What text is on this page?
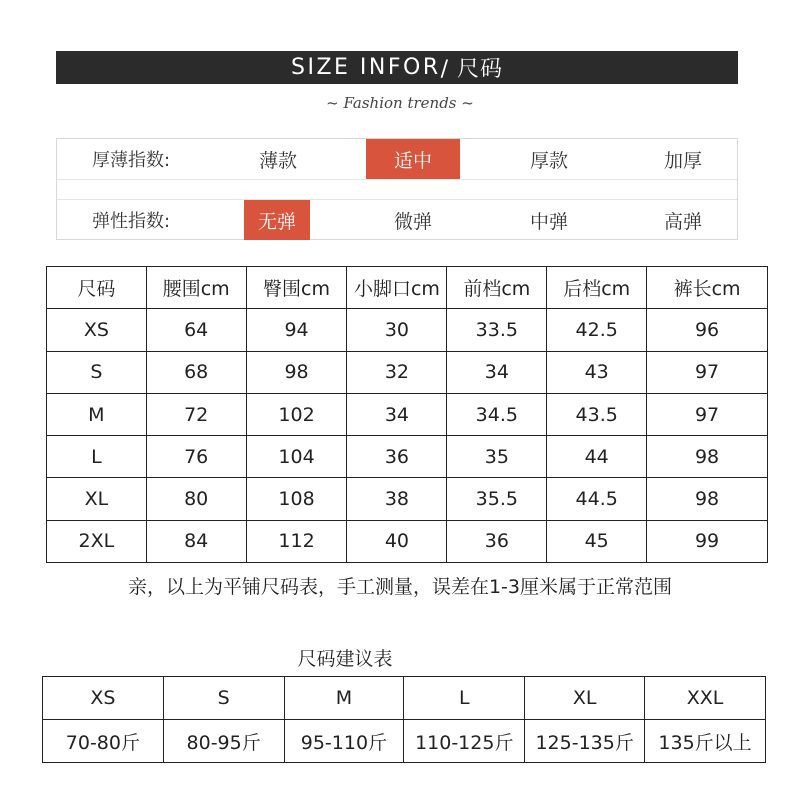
SIZE INFOR / 尺码
~ Fashion trends ~
厚薄指数:	薄款	适中	厚款	加厚
弹性指数:	无弹	微弹	中弹	高弹
尺码	腰围cm	臀围cm	小脚口cm	前档cm	后档cm	裤长cm
XS	64	94	30	33.5	42.5	96
S	68	98	32	34	43	97
M	72	102	34	34.5	43.5	97
L	76	104	36	35	44	98
XL	80	108	38	35.5	44.5	98
2XL	84	112	40	36	45	99
亲，以上为平铺尺码表，手工测量，误差在1-3厘米属于正常范围
尺码建议表
XS	S	M	L	XL	XXL
70-80斤	80-95斤	95-110斤	110-125斤	125-135斤	135斤以上
